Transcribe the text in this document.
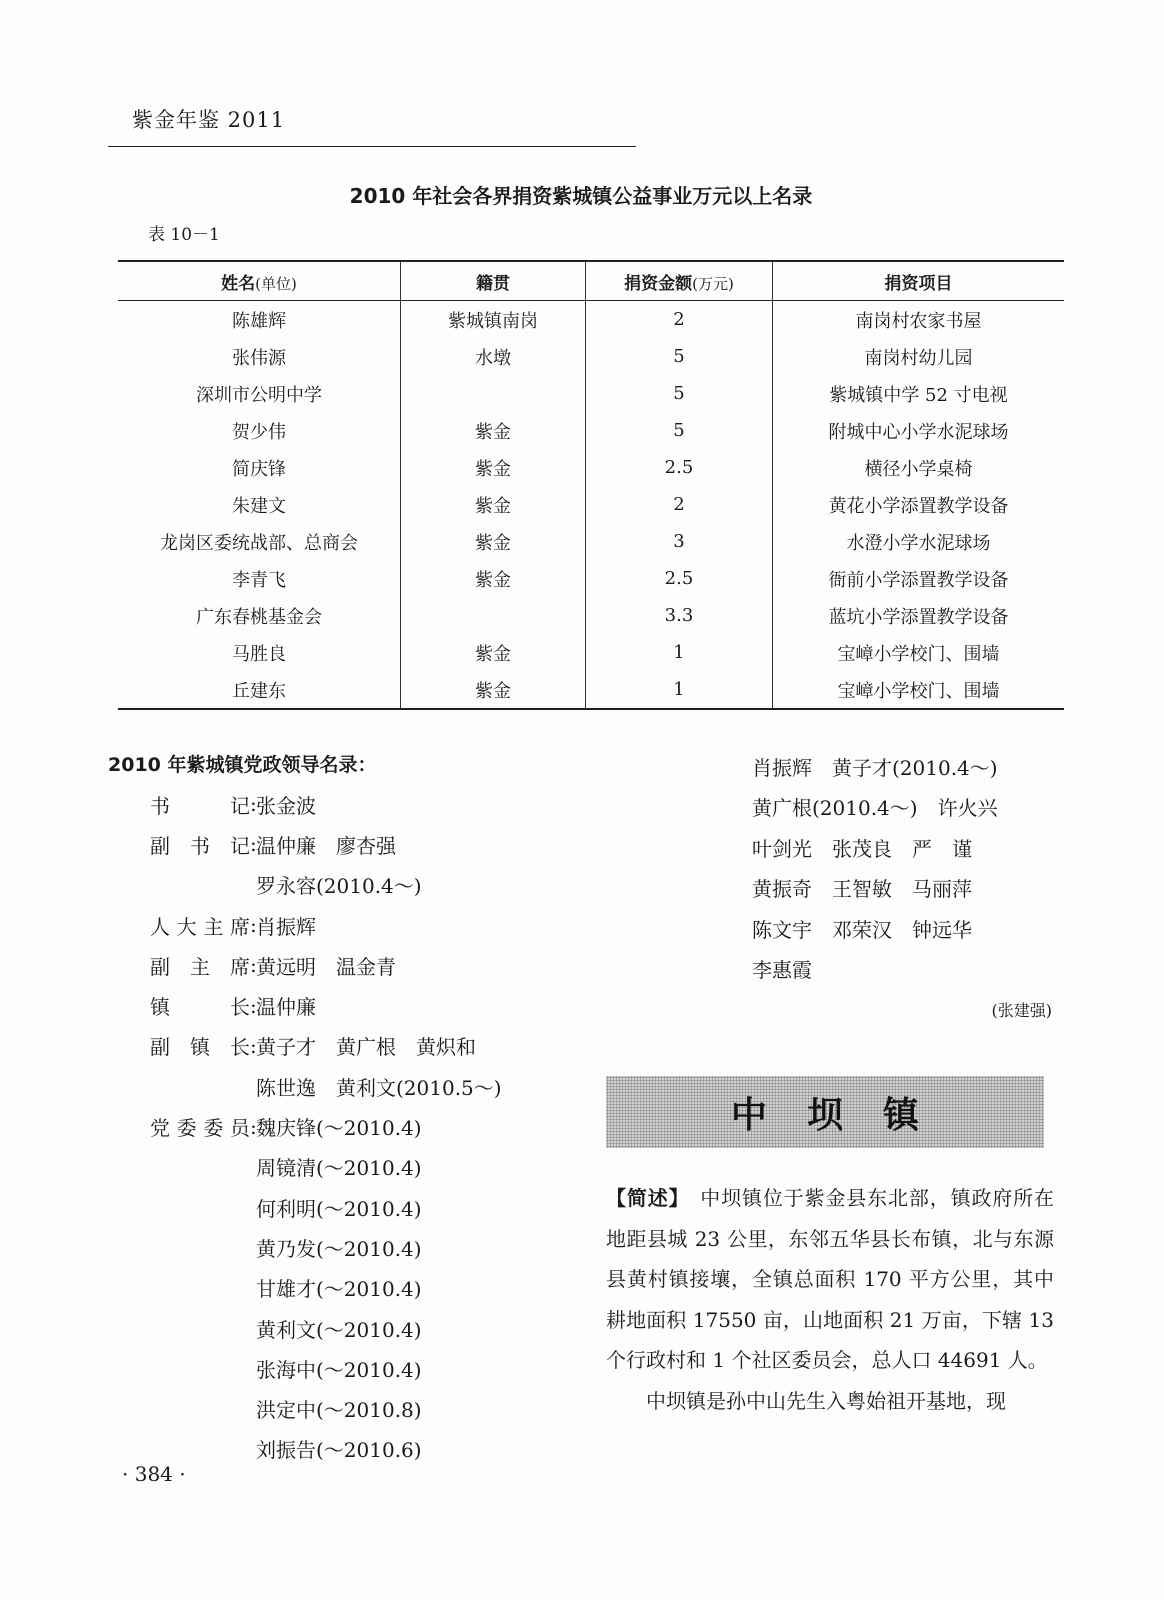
紫金年鉴 2011
2010 年社会各界捐资紫城镇公益事业万元以上名录
表 10－1
姓名(单位)	籍贯	捐资金额(万元)	捐资项目
陈雄辉	紫城镇南岗	2	南岗村农家书屋
张伟源	水墩	5	南岗村幼儿园
深圳市公明中学		5	紫城镇中学 52 寸电视
贺少伟	紫金	5	附城中心小学水泥球场
简庆锋	紫金	2.5	横径小学桌椅
朱建文	紫金	2	黄花小学添置教学设备
龙岗区委统战部、总商会	紫金	3	水澄小学水泥球场
李青飞	紫金	2.5	衙前小学添置教学设备
广东春桃基金会		3.3	蓝坑小学添置教学设备
马胜良	紫金	1	宝嶂小学校门、围墙
丘建东	紫金	1	宝嶂小学校门、围墙
2010 年紫城镇党政领导名录：
书记 : 张金波
副书记 : 温仲廉　廖杏强
罗永容(2010.4～)
人大主席 : 肖振辉
副主席 : 黄远明　温金青
镇长 : 温仲廉
副镇长 : 黄子才　黄广根　黄炽和
陈世逸　黄利文(2010.5～)
党委委员 : 魏庆锋(～2010.4)
周镜清(～2010.4)
何利明(～2010.4)
黄乃发(～2010.4)
甘雄才(～2010.4)
黄利文(～2010.4)
张海中(～2010.4)
洪定中(～2010.8)
刘振告(～2010.6)
肖振辉　黄子才(2010.4～)
黄广根(2010.4～)　许火兴
叶剑光　张茂良　严　谨
黄振奇　王智敏　马丽萍
陈文宇　邓荣汉　钟远华
李惠霞
(张建强)
中坝镇

【简述】　 中坝镇位于紫金县东北部，镇政府所在地距县城 23 公里，东邻五华县长布镇，北与东源县黄村镇接壤，全镇总面积 170 平方公里，其中耕地面积 17550 亩，山地面积 21 万亩，下辖 13 个行政村和 1 个社区委员会，总人口 44691 人。

中坝镇是孙中山先生入粤始祖开基地，现

· 384 ·
